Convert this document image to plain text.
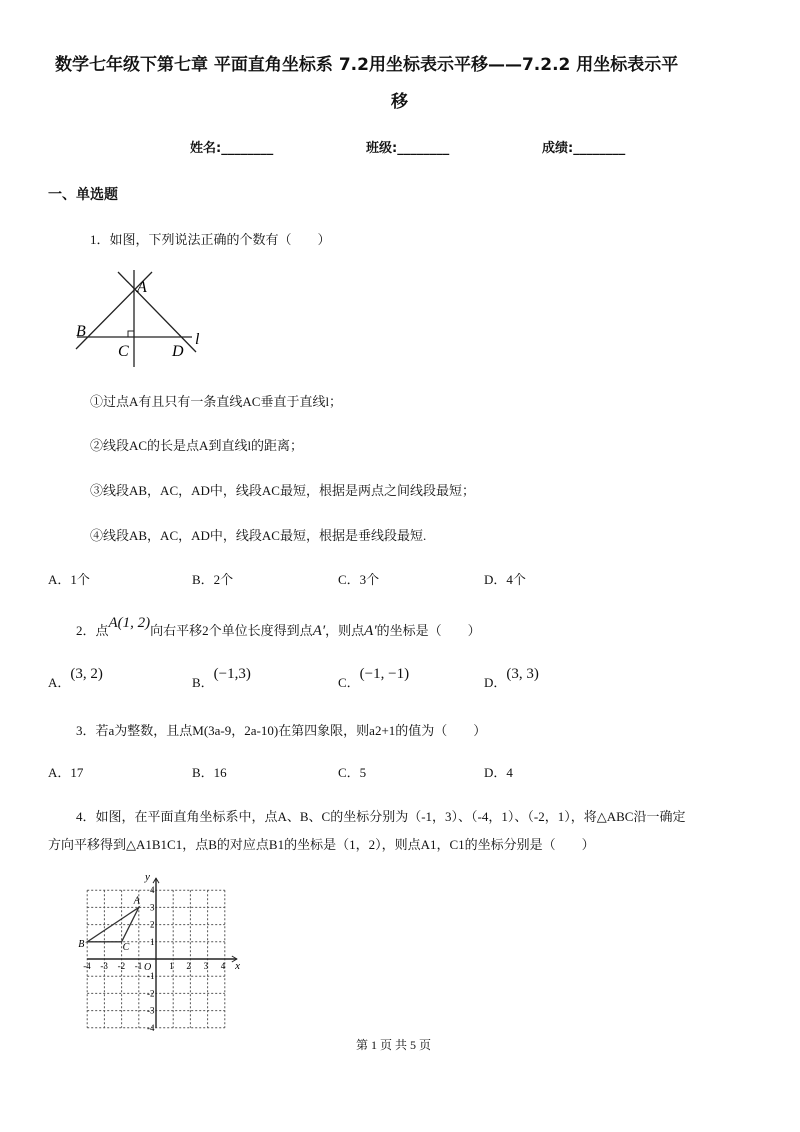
数学七年级下第七章 平面直角坐标系 7.2用坐标表示平移——7.2.2 用坐标表示平
移
姓名:________	班级:________	成绩:________
一、单选题
1．如图，下列说法正确的个数有（　　）
A
B
C	D
l
①过点A有且只有一条直线AC垂直于直线l；
②线段AC的长是点A到直线l的距离；
③线段AB，AC，AD中，线段AC最短，根据是两点之间线段最短；
④线段AB，AC，AD中，线段AC最短，根据是垂线段最短.
A．1个	B．2个	C．3个	D．4个
2．点A(1, 2)向右平移2个单位长度得到点A′，则点A′的坐标是（　　）
A．(3, 2)
B．(−1,3)
C．(−1, −1)
D．(3, 3)
3．若a为整数，且点M(3a-9，2a-10)在第四象限，则a2+1的值为（　　）
A．17	B．16	C．5	D．4
4．如图，在平面直角坐标系中，点A、B、C的坐标分别为（-1，3）、（-4，1）、（-2，1），将△ABC沿一确定
方向平移得到△A1B1C1，点B的对应点B1的坐标是（1，2），则点A1，C1的坐标分别是（　　）
-4 -3 -2 -1	1 2 3 4
4
3
2
1
-1
-2
-3
-4
x
y
O
A
B	C
第 1 页 共 5 页
